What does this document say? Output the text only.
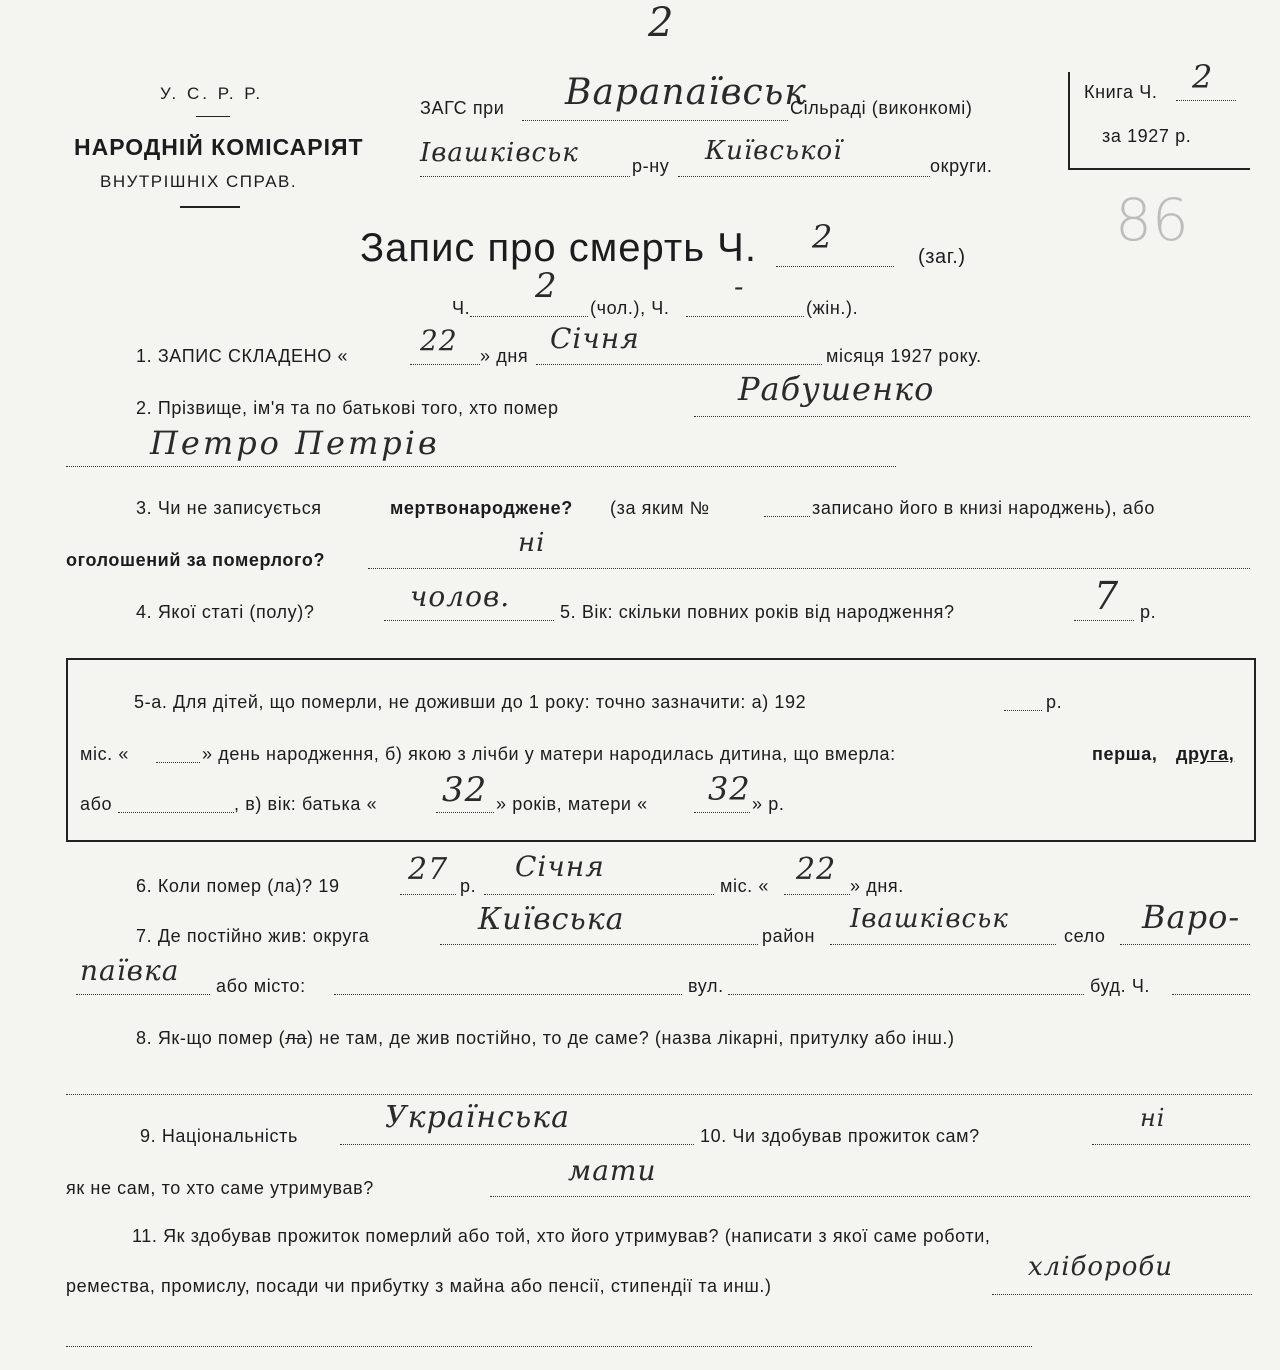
2
У. С. Р. Р.
НАРОДНІЙ КОМІСАРІЯТ
ВНУТРІШНІХ СПРАВ.
ЗАГС при Варапаївськ
Сільраді (виконкомі)
Івашківськ	р-ну Київської	округи.
Книга Ч. 2
за 1927 р.
86
Запис про смерть Ч. 2
(заг.)
Ч.
2
(чол.), Ч.
-
(жін.).
1. ЗАПИС СКЛАДЕНО «	22 » дня
Січня
місяця 1927 року.
2. Прізвище, ім'я та по батькові того, хто помер	Рабушенко
Петро Петрів
3. Чи не записується	мертвонароджене? (за яким №	записано його в книзі народжень), або
оголошений за померлого?
ні
4. Якої статі (полу)?	чолов.	5. Вік: скільки повних років від народження?	7 р.
5-а. Для дітей, що померли, не доживши до 1 року: точно зазначити: а) 192	р.
міс. «	» день народження, б) якою з лічби у матери народилась дитина, що вмерла:	перша, друга,
або	, в) вік: батька « 32 » років, матери « 32 » р.
6. Коли помер (ла)? 19 27 р.
Січня
міс. « 22 » дня.
7. Де постійно жив: округа	Київська	район
Івашківськ
село Варо-
паївка або місто:	вул.	буд. Ч.
8. Як-що помер (ла) не там, де жив постійно, то де саме? (назва лікарні, притулку або інш.)
9. Національність
Українська
10. Чи здобував прожиток сам?
ні
як не сам, то хто саме утримував?
мати
11. Як здобував прожиток померлий або той, хто його утримував? (написати з якої саме роботи,
ремества, промислу, посади чи прибутку з майна або пенсії, стипендії та инш.)
хлібороби
